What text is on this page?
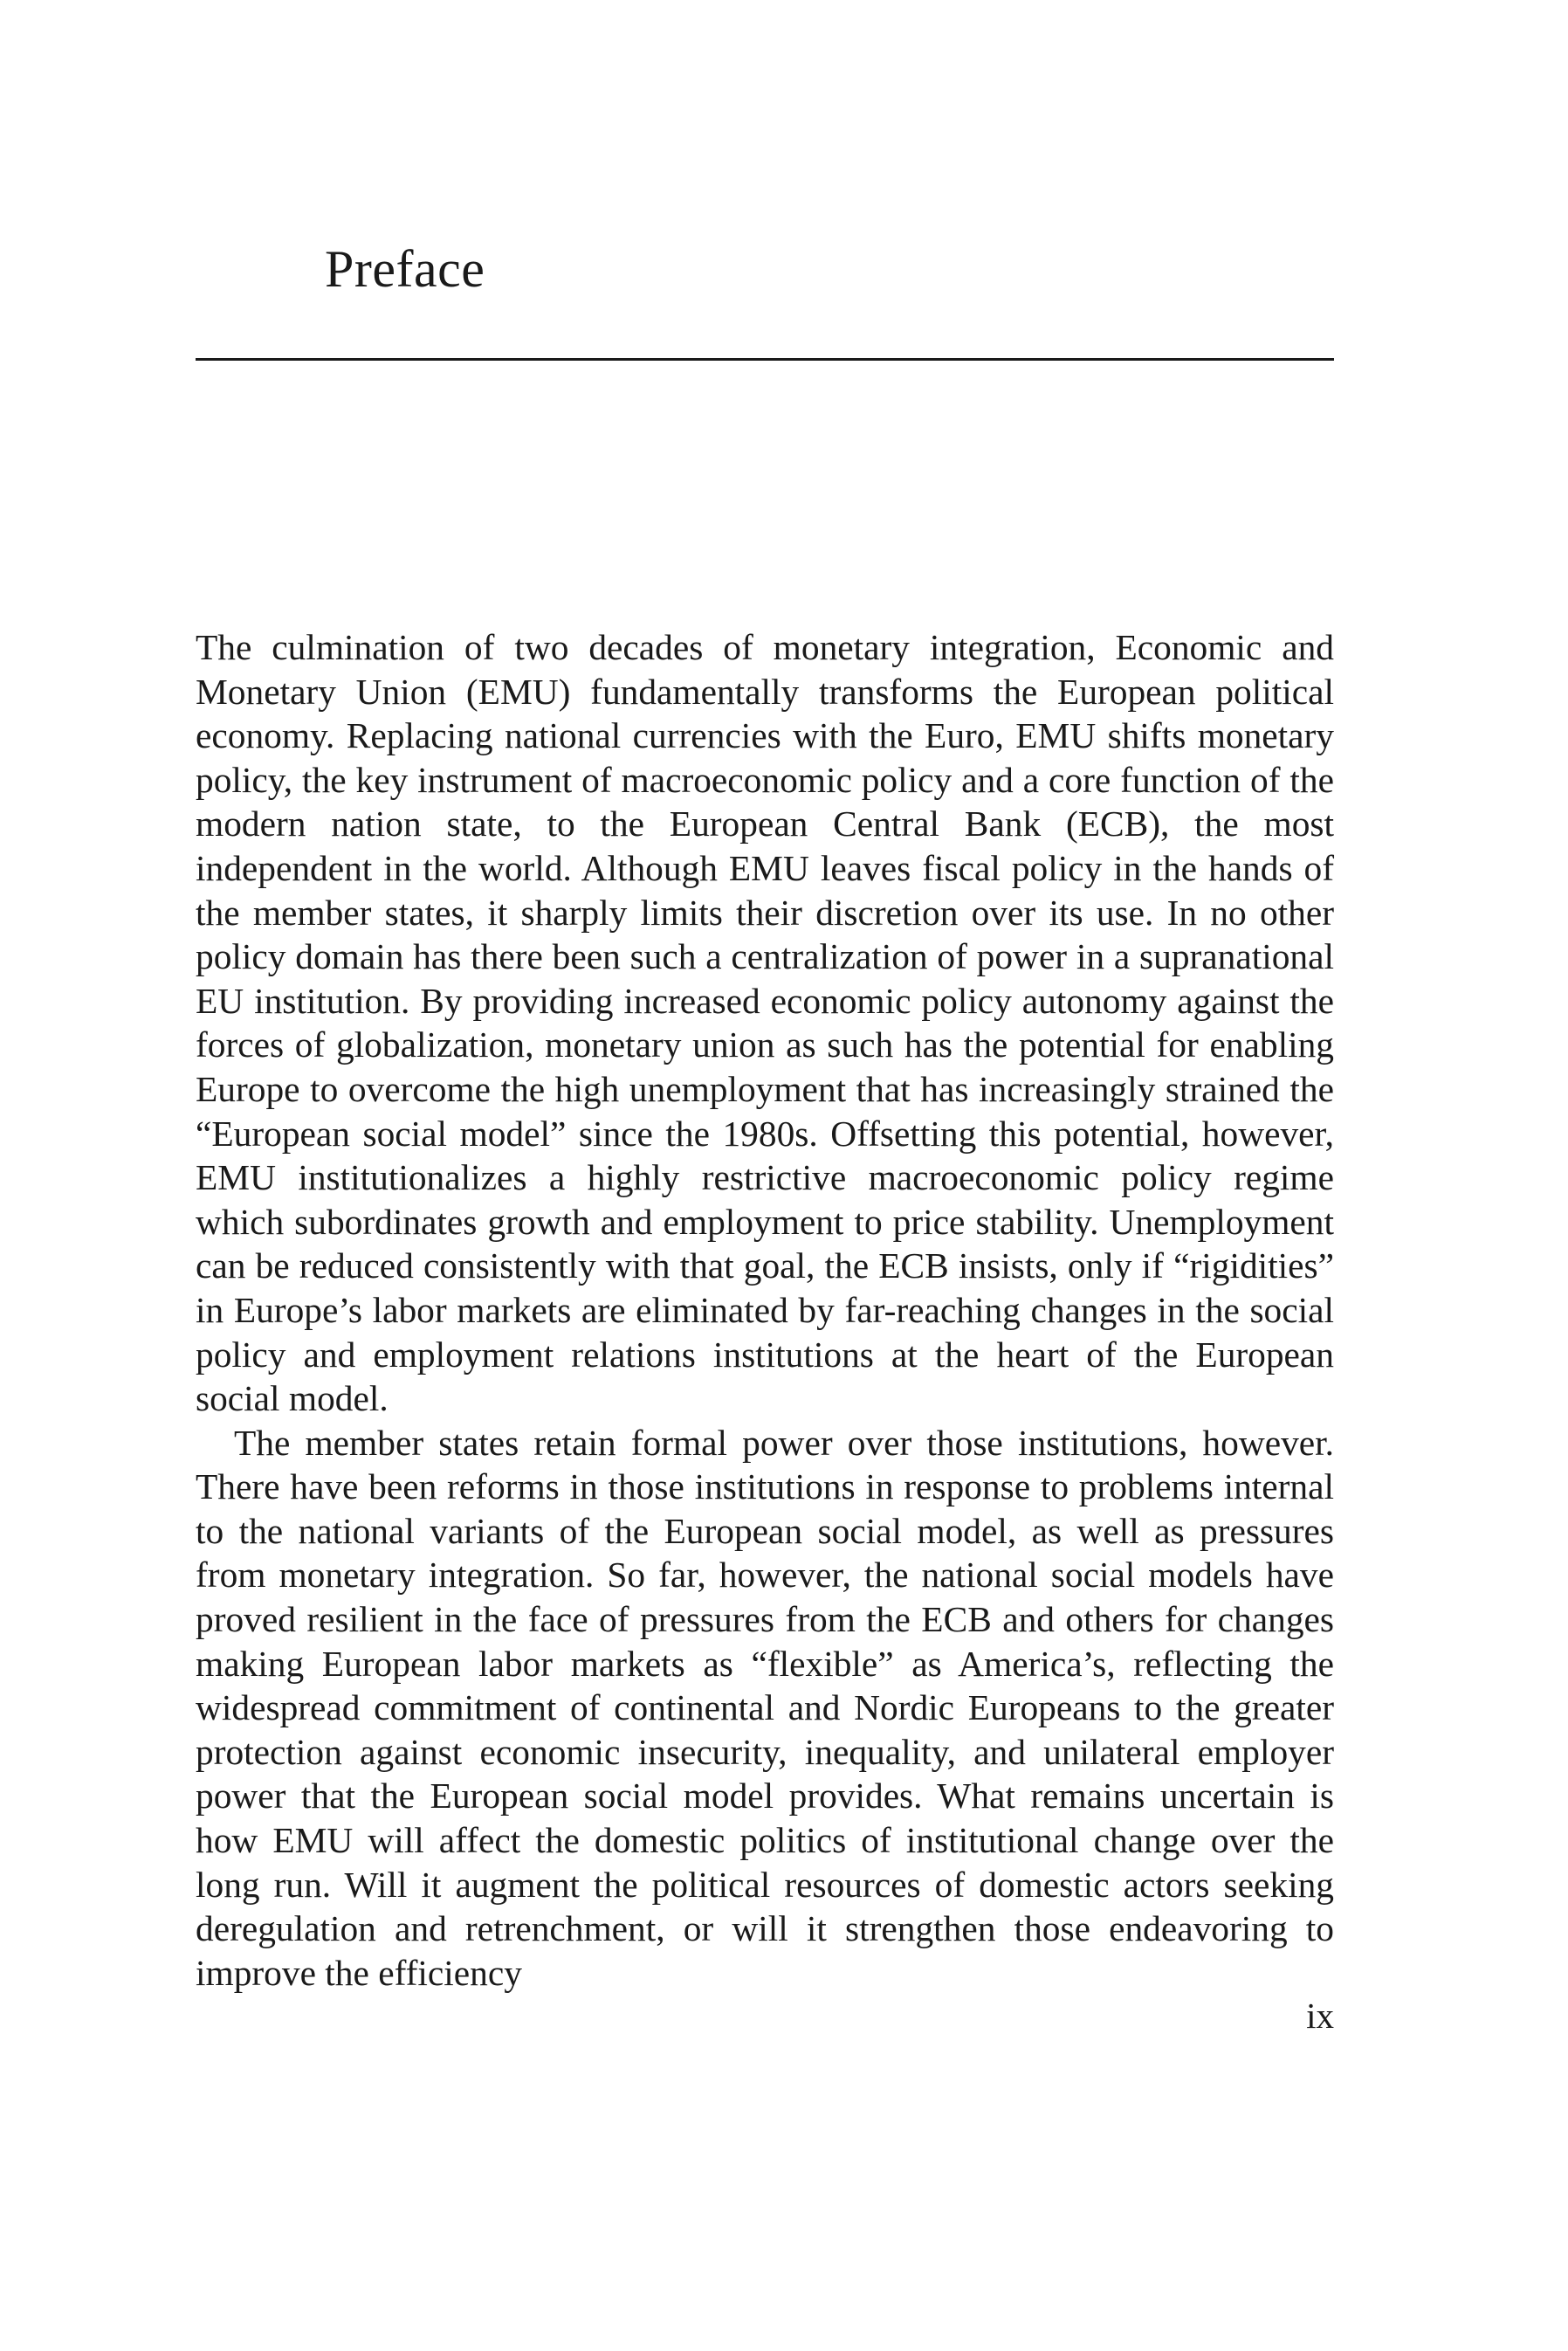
Preface

The culmination of two decades of monetary integration, Economic and Monetary Union (EMU) fundamentally transforms the European political economy. Replacing national currencies with the Euro, EMU shifts monetary policy, the key instrument of macroeconomic policy and a core function of the modern nation state, to the European Central Bank (ECB), the most independent in the world. Although EMU leaves fiscal policy in the hands of the member states, it sharply limits their discretion over its use. In no other policy domain has there been such a centralization of power in a supranational EU institution. By providing increased economic policy autonomy against the forces of globalization, monetary union as such has the potential for enabling Europe to overcome the high unemployment that has increasingly strained the “European social model” since the 1980s. Offsetting this potential, however, EMU institutionalizes a highly restrictive macroeconomic policy regime which subordinates growth and employment to price stability. Unemployment can be reduced consistently with that goal, the ECB insists, only if “rigidities” in Europe’s labor markets are eliminated by far-reaching changes in the social policy and employment relations institutions at the heart of the European social model.

The member states retain formal power over those institutions, however. There have been reforms in those institutions in response to problems internal to the national variants of the European social model, as well as pressures from monetary integration. So far, however, the national social models have proved resilient in the face of pressures from the ECB and others for changes making European labor markets as “flexible” as America’s, reflecting the widespread commitment of continental and Nordic Europeans to the greater protection against economic insecurity, inequality, and unilateral employer power that the European social model provides. What remains uncertain is how EMU will affect the domestic politics of institutional change over the long run. Will it augment the political resources of domestic actors seeking deregulation and retrenchment, or will it strengthen those endeavoring to improve the efficiency

ix
